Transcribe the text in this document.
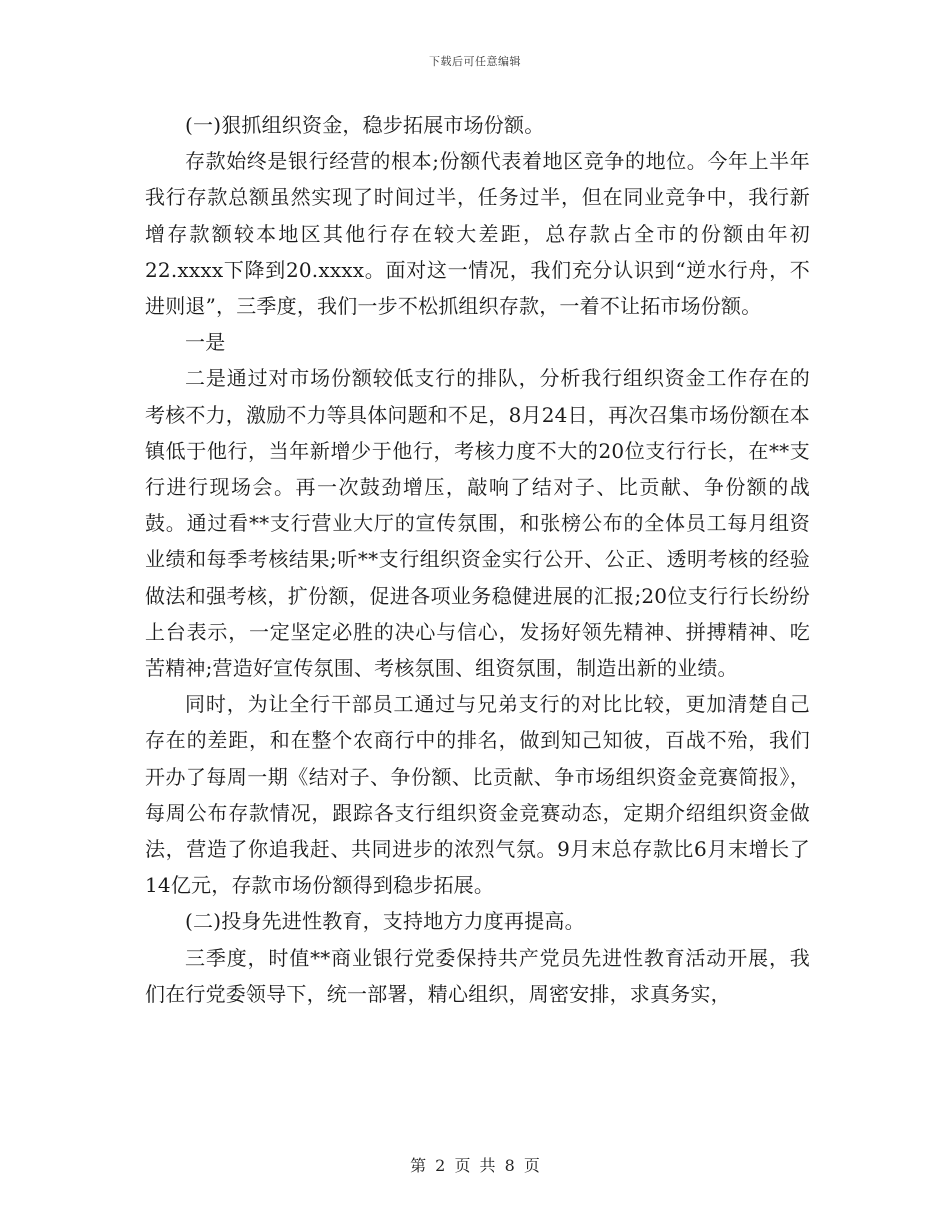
下载后可任意编辑

(一)狠抓组织资金，稳步拓展市场份额。

存款始终是银行经营的根本;份额代表着地区竞争的地位。今年上半年我行存款总额虽然实现了时间过半，任务过半，但在同业竞争中，我行新增存款额较本地区其他行存在较大差距，总存款占全市的份额由年初22.xxxx下降到20.xxxx。面对这一情况，我们充分认识到“逆水行舟，不进则退”，三季度，我们一步不松抓组织存款，一着不让拓市场份额。

一是

二是通过对市场份额较低支行的排队，分析我行组织资金工作存在的考核不力，激励不力等具体问题和不足，8月24日，再次召集市场份额在本镇低于他行，当年新增少于他行，考核力度不大的20位支行行长，在**支行进行现场会。再一次鼓劲增压，敲响了结对子、比贡献、争份额的战鼓。通过看**支行营业大厅的宣传氛围，和张榜公布的全体员工每月组资业绩和每季考核结果;听**支行组织资金实行公开、公正、透明考核的经验做法和强考核，扩份额，促进各项业务稳健进展的汇报;20位支行行长纷纷上台表示，一定坚定必胜的决心与信心，发扬好领先精神、拼搏精神、吃苦精神;营造好宣传氛围、考核氛围、组资氛围，制造出新的业绩。

同时，为让全行干部员工通过与兄弟支行的对比比较，更加清楚自己存在的差距，和在整个农商行中的排名，做到知己知彼，百战不殆，我们开办了每周一期《结对子、争份额、比贡献、争市场组织资金竞赛简报》，每周公布存款情况，跟踪各支行组织资金竞赛动态，定期介绍组织资金做法，营造了你追我赶、共同进步的浓烈气氛。9月末总存款比6月末增长了14亿元，存款市场份额得到稳步拓展。

(二)投身先进性教育，支持地方力度再提高。

三季度，时值**商业银行党委保持共产党员先进性教育活动开展，我们在行党委领导下，统一部署，精心组织，周密安排，求真务实，

第 2 页 共 8 页
